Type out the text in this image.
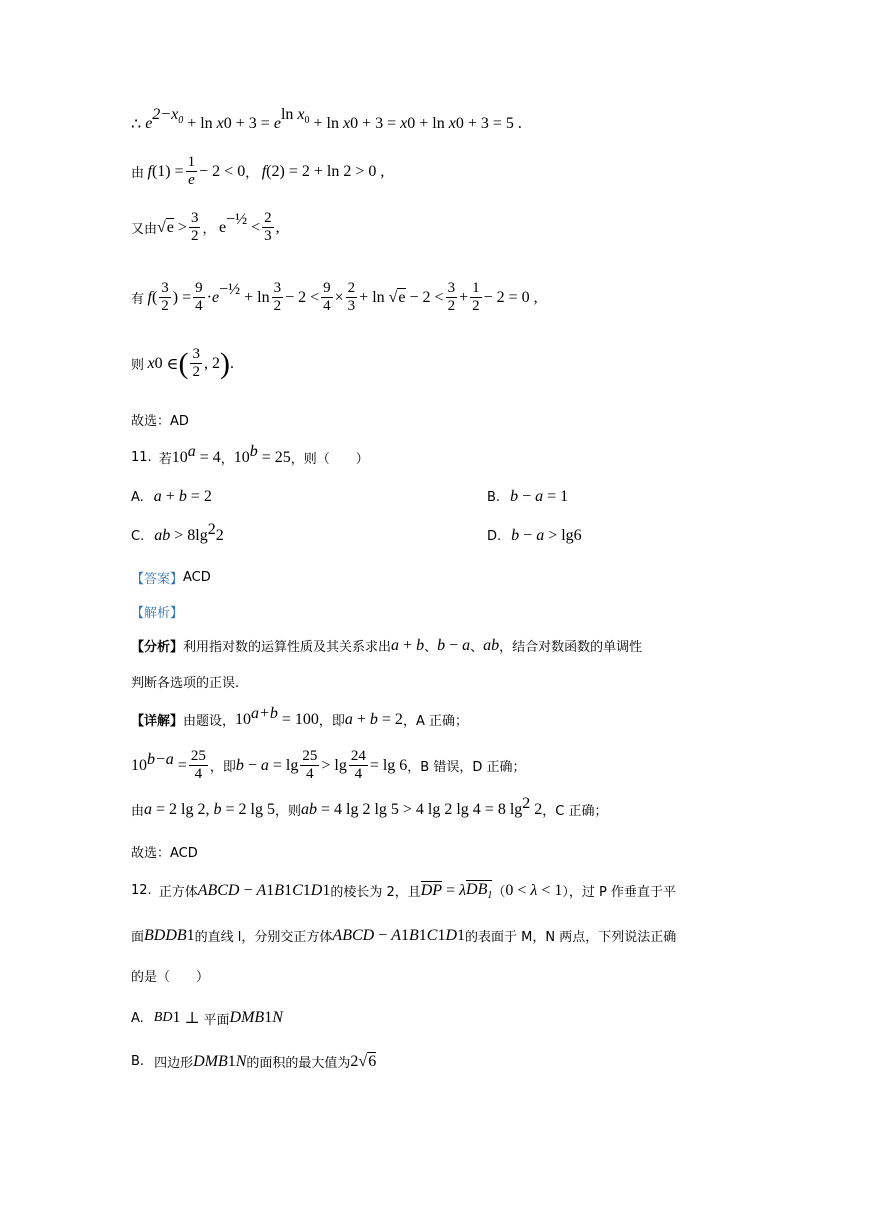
∴ e
$^{2-x_0}$ + ln x 0 + 3 = e
$^{ln x_0}$ + ln x 0 + 3 = x 0 + ln x 0 + 3 = 5 .
由
f $(1) = \frac{1}{e} - 2 < 0$ ，
f (2) = 2 + ln 2 > 0 ,
又由 $√e > \frac{3}{2}$ ，
$e^{-\frac{1}{2}} < \frac{2}{3}$ ,
有
f ( $\frac{3}{2}$ ) = $\frac{9}{4} \cdot e^{-\frac{1}{2}} + \ln \frac{3}{2} - 2 < \frac{9}{4} \times \frac{2}{3} + \ln √e - 2 < \frac{3}{2} + \frac{1}{2} - 2 = 0$ ,
则
x 0 ∈ ( $\frac{3}{2}$ , 2 ) .
故选：AD
11.
若 $10^a = 4$ ， $10^b = 25$ ，则（　　）
A. a + b = 2	B. b − a = 1
C. ab > $8\lg^2$ 2	D. b − a > lg6
【答案】 ACD
【解析】
【分析】 利用指对数的运算性质及其关系求出 a + b 、 b − a 、 ab ，结合对数函数的单调性
判断各选项的正误.
【详解】 由题设， $10^{a+b} = 100$ ，即 a + b = 2 ，A 正确；
$10^{b-a} = \frac{25}{4}$ ，即 $b - a = \lg \frac{25}{4} > \lg \frac{24}{4} = \lg 6$ ，B 错误，D 正确；
由 a = 2 lg 2, b = 2 lg 5 ，则 ab = 4 lg 2 lg 5 > 4 lg 2 lg 4 = 8 $\lg^2 2$ ，C 正确；
故选：ACD
12.
正方体 ABCD − A 1 B 1 C 1 D 1 的棱长为 2，且 DP = λ $DB_1$ （ 0 < λ < 1 ），过 P 作垂直于平
面 BDDB 1 的直线 l，分别交正方体 ABCD − A 1 B 1 C 1 D 1 的表面于 M，N 两点，下列说法正确
的是（　　）
A. BD 1 ⊥ 平面 DMB 1 N
B. 四边形 DMB 1 N 的面积的最大值为 2√6
